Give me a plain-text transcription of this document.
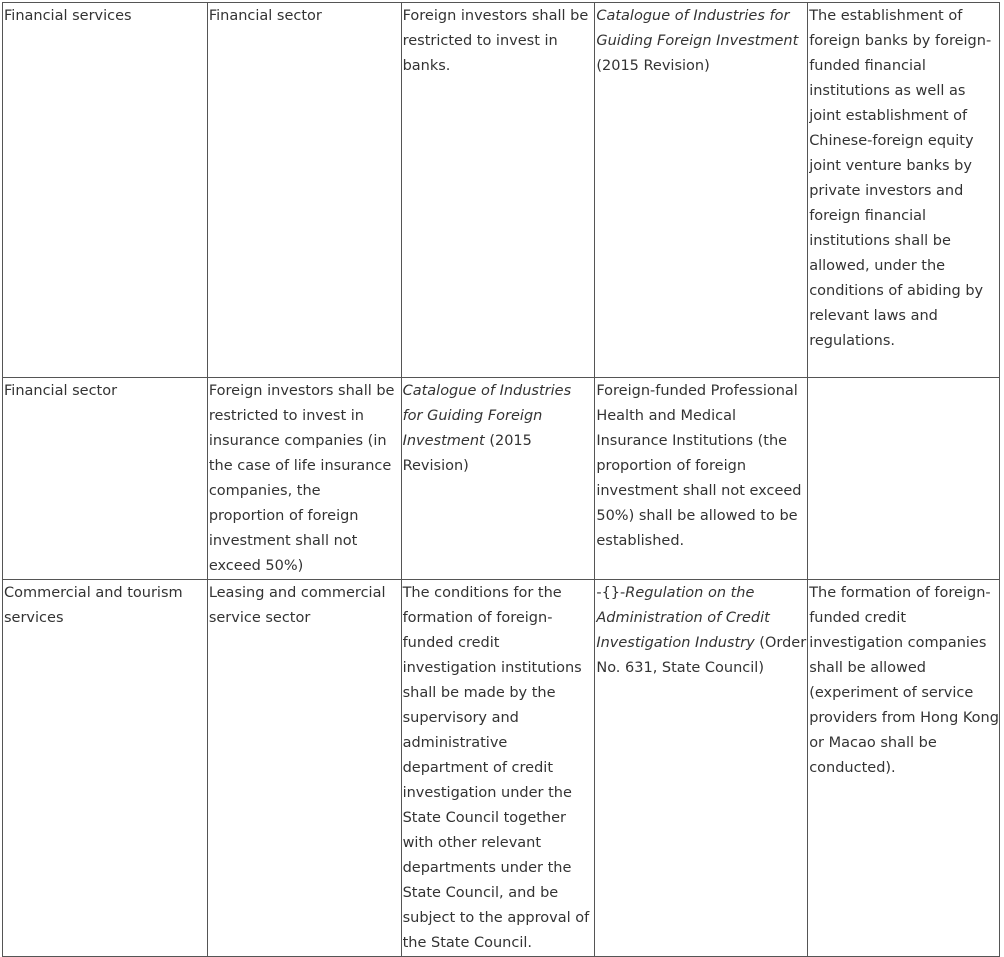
Financial services	Financial sector	Foreign investors shall be restricted to invest in banks.	Catalogue of Industries for Guiding Foreign Investment (2015 Revision)	The establishment of foreign banks by foreign-funded financial institutions as well as joint establishment of Chinese-foreign equity joint venture banks by private investors and foreign financial institutions shall be allowed, under the conditions of abiding by relevant laws and regulations.
Financial sector	Foreign investors shall be restricted to invest in insurance companies (in the case of life insurance companies, the proportion of foreign investment shall not exceed 50%)	Catalogue of Industries for Guiding Foreign Investment (2015 Revision)	Foreign-funded Professional Health and Medical Insurance Institutions (the proportion of foreign investment shall not exceed 50%) shall be allowed to be established.	
Commercial and tourism services	Leasing and commercial service sector	The conditions for the formation of foreign-funded credit investigation institutions shall be made by the supervisory and administrative department of credit investigation under the State Council together with other relevant departments under the State Council, and be subject to the approval of the State Council.	-{}-Regulation on the Administration of Credit Investigation Industry (Order No. 631, State Council)	The formation of foreign-funded credit investigation companies shall be allowed (experiment of service providers from Hong Kong or Macao shall be conducted).
